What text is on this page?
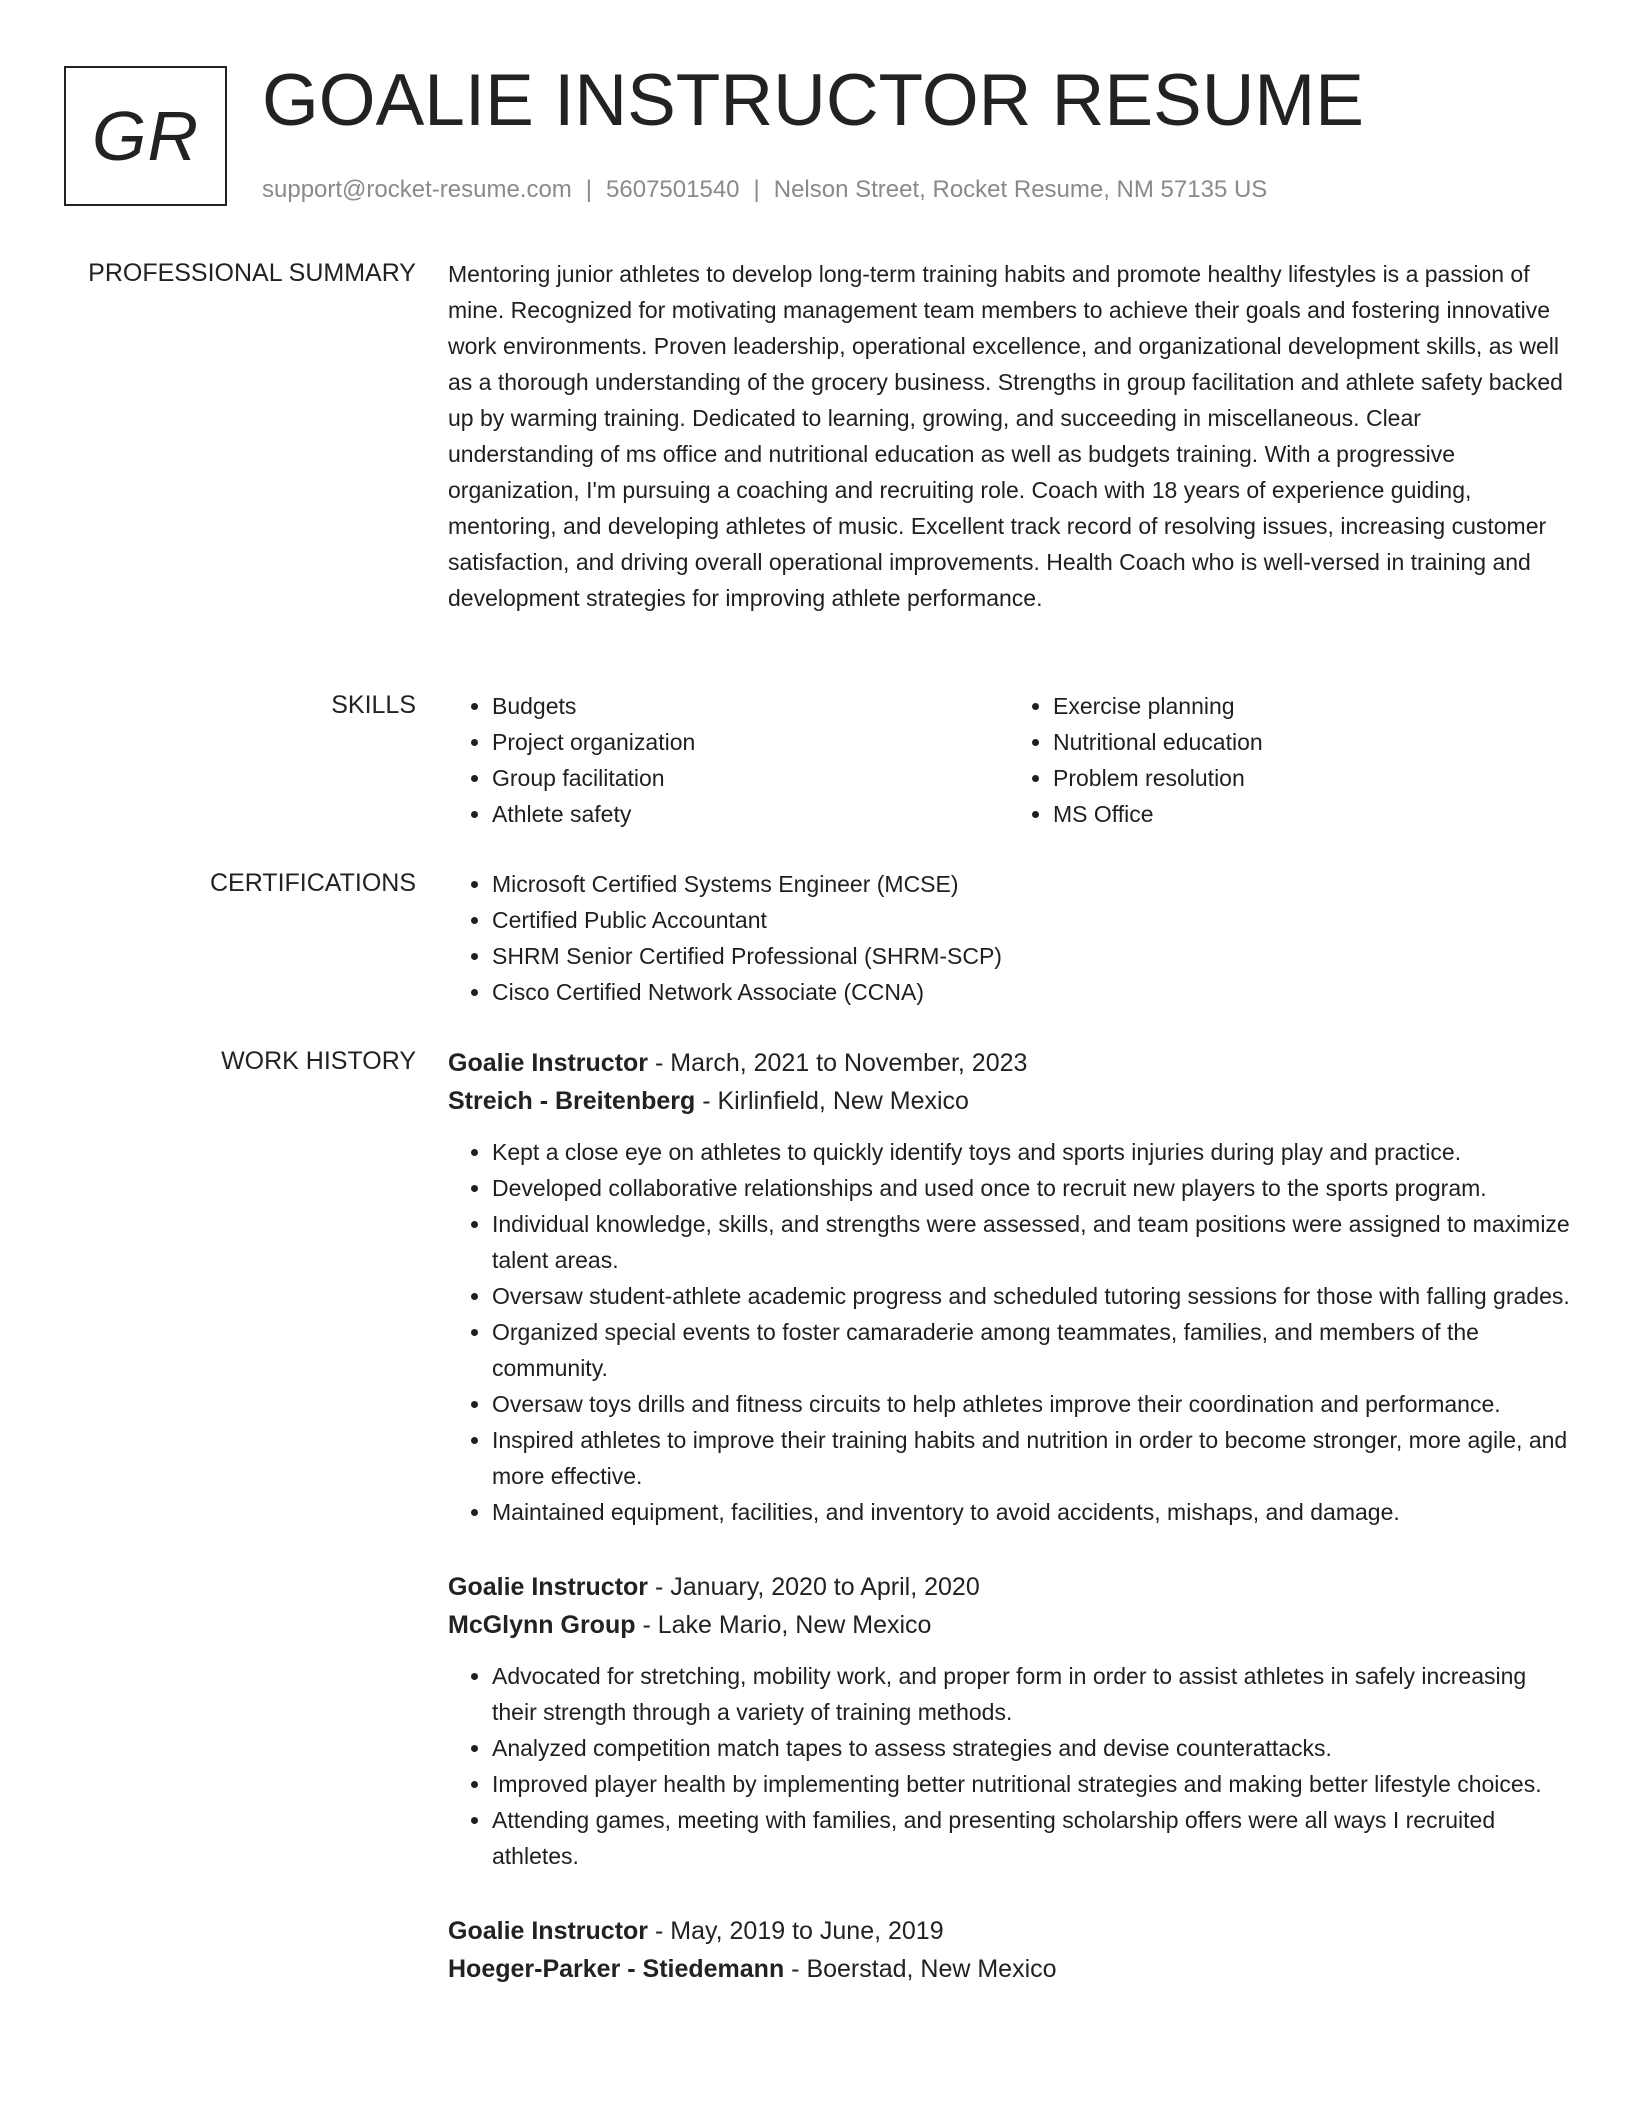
GR GOALIE INSTRUCTOR RESUME
support@rocket-resume.com | 5607501540 | Nelson Street, Rocket Resume, NM 57135 US
PROFESSIONAL SUMMARY Mentoring junior athletes to develop long-term training habits and promote healthy lifestyles is a passion of mine. Recognized for motivating management team members to achieve their goals and fostering innovative work environments. Proven leadership, operational excellence, and organizational development skills, as well as a thorough understanding of the grocery business. Strengths in group facilitation and athlete safety backed up by warming training. Dedicated to learning, growing, and succeeding in miscellaneous. Clear understanding of ms office and nutritional education as well as budgets training. With a progressive organization, I'm pursuing a coaching and recruiting role. Coach with 18 years of experience guiding, mentoring, and developing athletes of music. Excellent track record of resolving issues, increasing customer satisfaction, and driving overall operational improvements. Health Coach who is well-versed in training and development strategies for improving athlete performance.

SKILLS	• Budgets
• Project organization
• Group facilitation
• Athlete safety
• Exercise planning
• Nutritional education
• Problem resolution
• MS Office
CERTIFICATIONS	• Microsoft Certified Systems Engineer (MCSE)
• Certified Public Accountant
• SHRM Senior Certified Professional (SHRM-SCP)
• Cisco Certified Network Associate (CCNA)
WORK HISTORY Goalie Instructor - March, 2021 to November, 2023
Streich - Breitenberg - Kirlinfield, New Mexico
• Kept a close eye on athletes to quickly identify toys and sports injuries during play and practice.
• Developed collaborative relationships and used once to recruit new players to the sports program.
• Individual knowledge, skills, and strengths were assessed, and team positions were assigned to maximize talent areas.
• Oversaw student-athlete academic progress and scheduled tutoring sessions for those with falling grades.
• Organized special events to foster camaraderie among teammates, families, and members of the community.
• Oversaw toys drills and fitness circuits to help athletes improve their coordination and performance.
• Inspired athletes to improve their training habits and nutrition in order to become stronger, more agile, and more effective.
• Maintained equipment, facilities, and inventory to avoid accidents, mishaps, and damage.
Goalie Instructor - January, 2020 to April, 2020
McGlynn Group - Lake Mario, New Mexico
• Advocated for stretching, mobility work, and proper form in order to assist athletes in safely increasing their strength through a variety of training methods.
• Analyzed competition match tapes to assess strategies and devise counterattacks.
• Improved player health by implementing better nutritional strategies and making better lifestyle choices.
• Attending games, meeting with families, and presenting scholarship offers were all ways I recruited athletes.
Goalie Instructor - May, 2019 to June, 2019
Hoeger-Parker - Stiedemann - Boerstad, New Mexico
